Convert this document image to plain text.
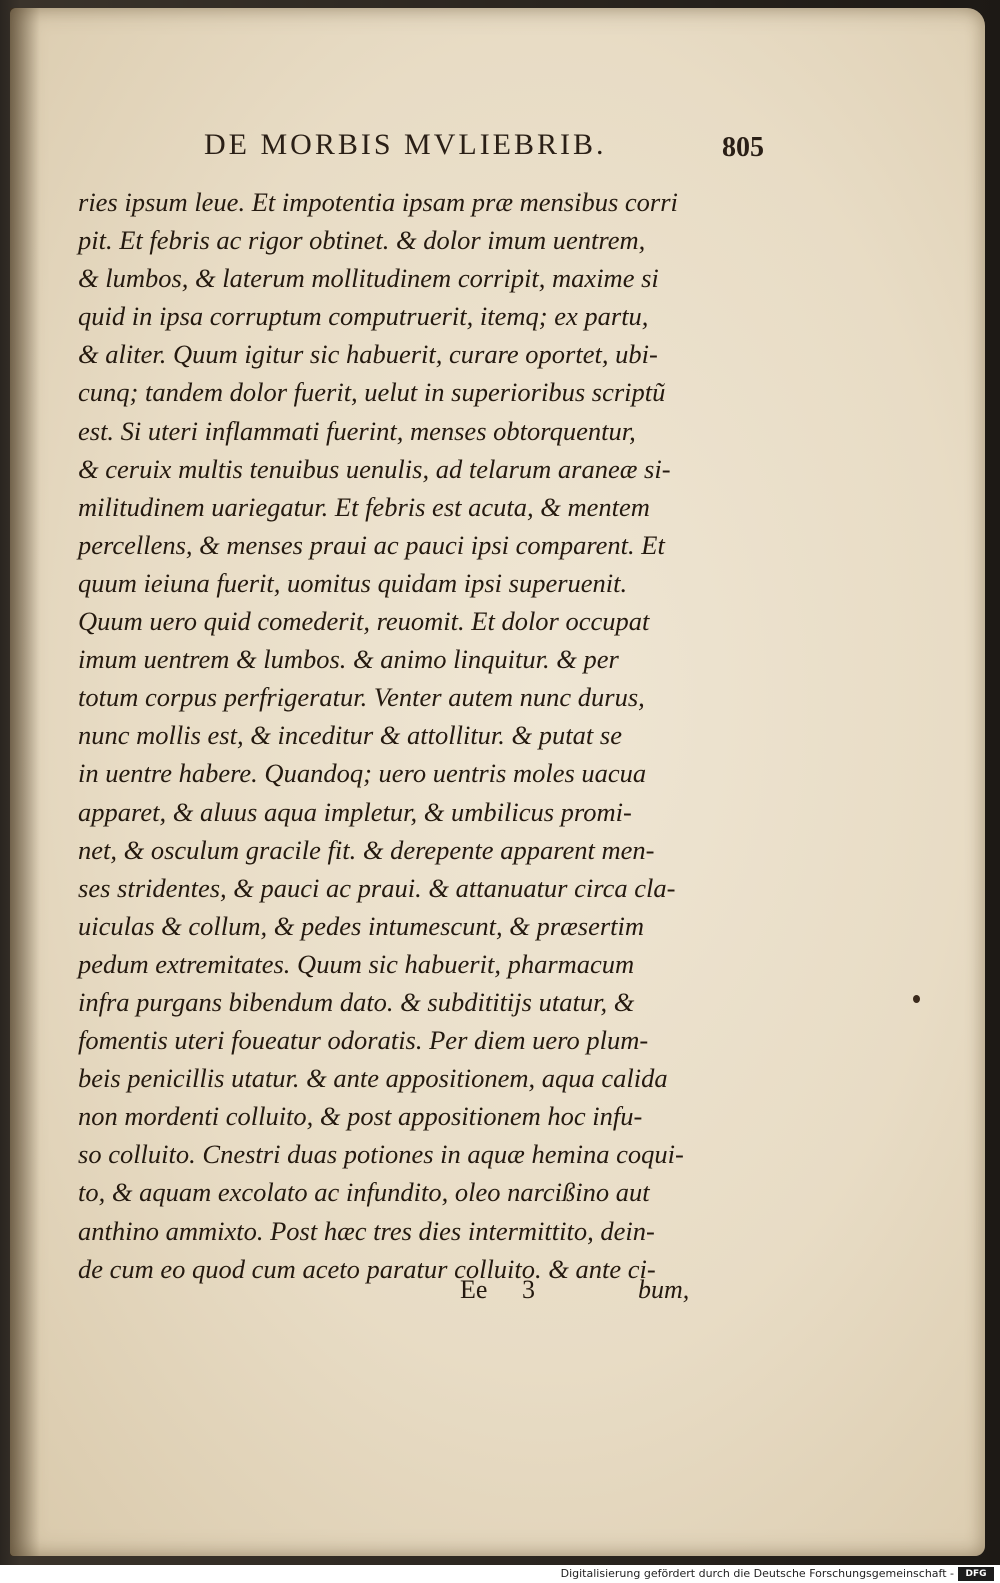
DE MORBIS MVLIEBRIB.	805
ries ipsum leue. Et impotentia ipsam præ mensibus corri
pit. Et febris ac rigor obtinet. & dolor imum uentrem,
& lumbos, & laterum mollitudinem corripit, maxime si
quid in ipsa corruptum computruerit, itemq; ex partu,
& aliter. Quum igitur sic habuerit, curare oportet, ubi-
cunq; tandem dolor fuerit, uelut in superioribus scriptũ
est. Si uteri inflammati fuerint, menses obtorquentur,
& ceruix multis tenuibus uenulis, ad telarum araneæ si-
militudinem uariegatur. Et febris est acuta, & mentem
percellens, & menses praui ac pauci ipsi comparent. Et
quum ieiuna fuerit, uomitus quidam ipsi superuenit.
Quum uero quid comederit, reuomit. Et dolor occupat
imum uentrem & lumbos. & animo linquitur. & per
totum corpus perfrigeratur. Venter autem nunc durus,
nunc mollis est, & inceditur & attollitur. & putat se
in uentre habere. Quandoq; uero uentris moles uacua
apparet, & aluus aqua impletur, & umbilicus promi-
net, & osculum gracile fit. & derepente apparent men-
ses stridentes, & pauci ac praui. & attanuatur circa cla-
uiculas & collum, & pedes intumescunt, & præsertim
pedum extremitates. Quum sic habuerit, pharmacum
infra purgans bibendum dato. & subdititijs utatur, &
fomentis uteri foueatur odoratis. Per diem uero plum-
beis penicillis utatur. & ante appositionem, aqua calida
non mordenti colluito, & post appositionem hoc infu-
so colluito. Cnestri duas potiones in aquæ hemina coqui-
to, & aquam excolato ac infundito, oleo narcißino aut
anthino ammixto. Post hæc tres dies intermittito, dein-
de cum eo quod cum aceto paratur colluito. & ante ci-
Ee 3	bum,
Digitalisierung gefördert durch die Deutsche Forschungsgemeinschaft -	DFG
